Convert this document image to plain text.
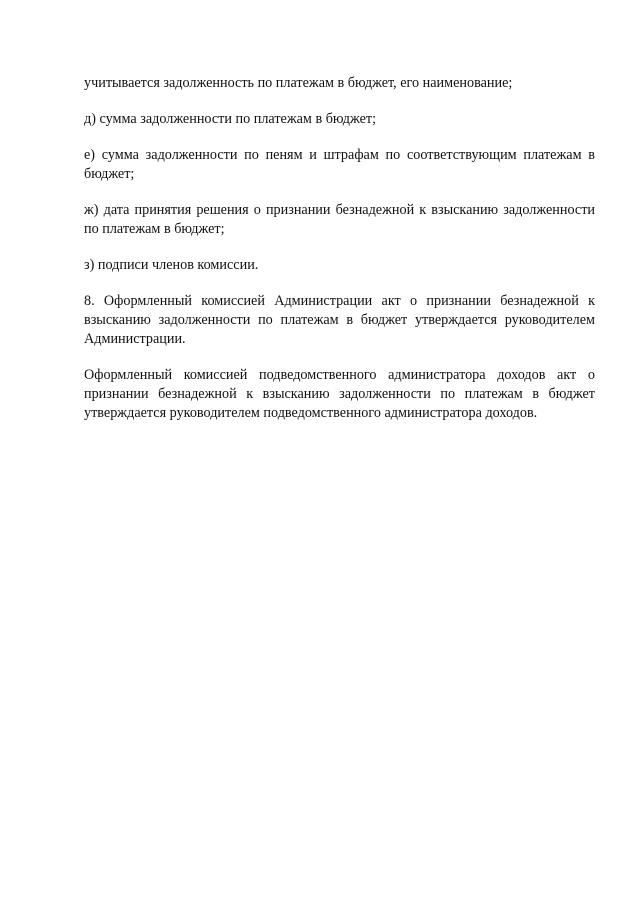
учитывается задолженность по платежам в бюджет, его наименование;

д) сумма задолженности по платежам в бюджет;

е) сумма задолженности по пеням и штрафам по соответствующим платежам в бюджет;

ж) дата принятия решения о признании безнадежной к взысканию задолженности по платежам в бюджет;

з) подписи членов комиссии.

8. Оформленный комиссией Администрации акт о признании безнадежной к взысканию задолженности по платежам в бюджет утверждается руководителем Администрации.

Оформленный комиссией подведомственного администратора доходов акт о признании безнадежной к взысканию задолженности по платежам в бюджет утверждается руководителем подведомственного администратора доходов.
